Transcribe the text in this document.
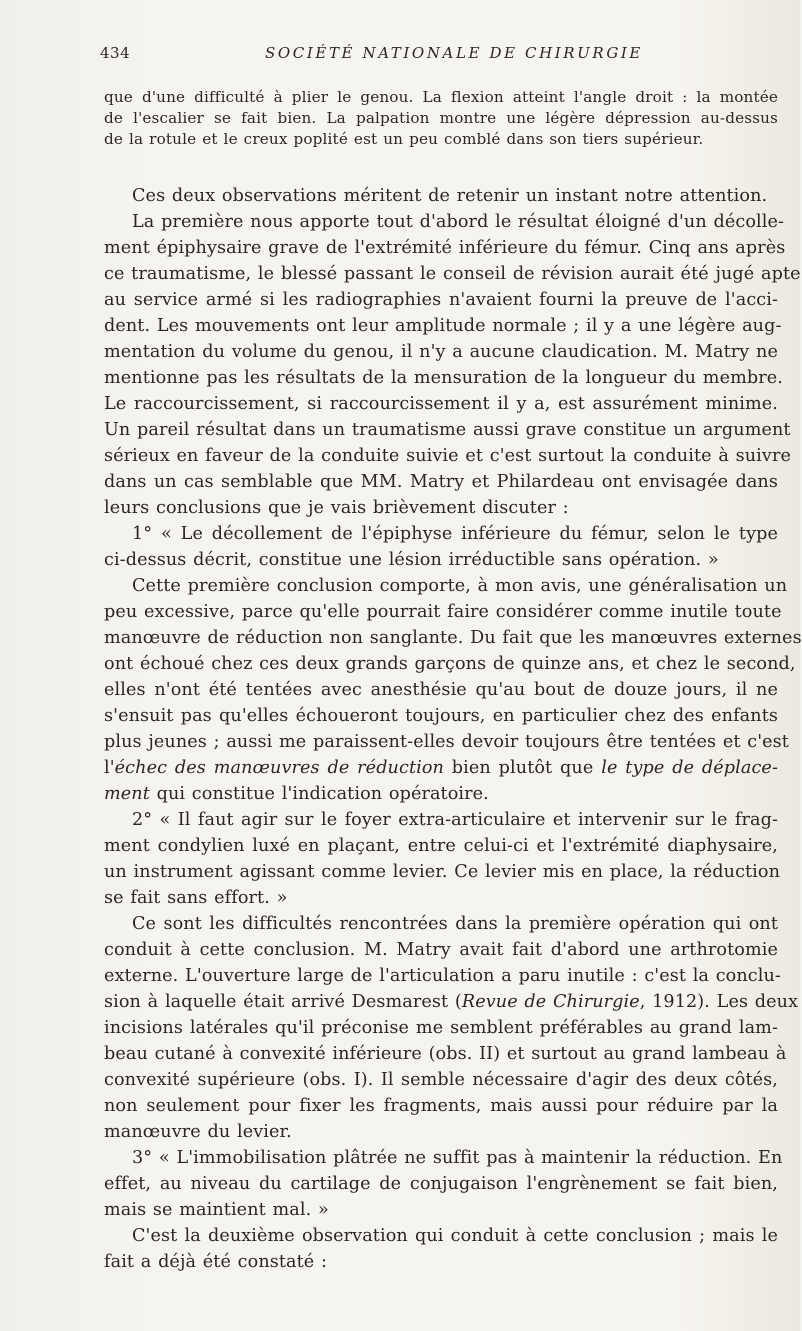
434	SOCIÉTÉ NATIONALE DE CHIRURGIE
que d'une difficulté à plier le genou. La flexion atteint l'angle droit : la montée
de l'escalier se fait bien. La palpation montre une légère dépression au-dessus
de la rotule et le creux poplité est un peu comblé dans son tiers supérieur.
Ces deux observations méritent de retenir un instant notre attention.
La première nous apporte tout d'abord le résultat éloigné d'un décolle-
ment épiphysaire grave de l'extrémité inférieure du fémur. Cinq ans après
ce traumatisme, le blessé passant le conseil de révision aurait été jugé apte
au service armé si les radiographies n'avaient fourni la preuve de l'acci-
dent. Les mouvements ont leur amplitude normale ; il y a une légère aug-
mentation du volume du genou, il n'y a aucune claudication. M. Matry ne
mentionne pas les résultats de la mensuration de la longueur du membre.
Le raccourcissement, si raccourcissement il y a, est assurément minime.
Un pareil résultat dans un traumatisme aussi grave constitue un argument
sérieux en faveur de la conduite suivie et c'est surtout la conduite à suivre
dans un cas semblable que MM. Matry et Philardeau ont envisagée dans
leurs conclusions que je vais brièvement discuter :
1° « Le décollement de l'épiphyse inférieure du fémur, selon le type
ci-dessus décrit, constitue une lésion irréductible sans opération. »
Cette première conclusion comporte, à mon avis, une généralisation un
peu excessive, parce qu'elle pourrait faire considérer comme inutile toute
manœuvre de réduction non sanglante. Du fait que les manœuvres externes
ont échoué chez ces deux grands garçons de quinze ans, et chez le second,
elles n'ont été tentées avec anesthésie qu'au bout de douze jours, il ne
s'ensuit pas qu'elles échoueront toujours, en particulier chez des enfants
plus jeunes ; aussi me paraissent-elles devoir toujours être tentées et c'est
l'échec des manœuvres de réduction bien plutôt que le type de déplace-
ment qui constitue l'indication opératoire.
2° « Il faut agir sur le foyer extra-articulaire et intervenir sur le frag-
ment condylien luxé en plaçant, entre celui-ci et l'extrémité diaphysaire,
un instrument agissant comme levier. Ce levier mis en place, la réduction
se fait sans effort. »
Ce sont les difficultés rencontrées dans la première opération qui ont
conduit à cette conclusion. M. Matry avait fait d'abord une arthrotomie
externe. L'ouverture large de l'articulation a paru inutile : c'est la conclu-
sion à laquelle était arrivé Desmarest (Revue de Chirurgie, 1912). Les deux
incisions latérales qu'il préconise me semblent préférables au grand lam-
beau cutané à convexité inférieure (obs. II) et surtout au grand lambeau à
convexité supérieure (obs. I). Il semble nécessaire d'agir des deux côtés,
non seulement pour fixer les fragments, mais aussi pour réduire par la
manœuvre du levier.
3° « L'immobilisation plâtrée ne suffit pas à maintenir la réduction. En
effet, au niveau du cartilage de conjugaison l'engrènement se fait bien,
mais se maintient mal. »
C'est la deuxième observation qui conduit à cette conclusion ; mais le
fait a déjà été constaté :
